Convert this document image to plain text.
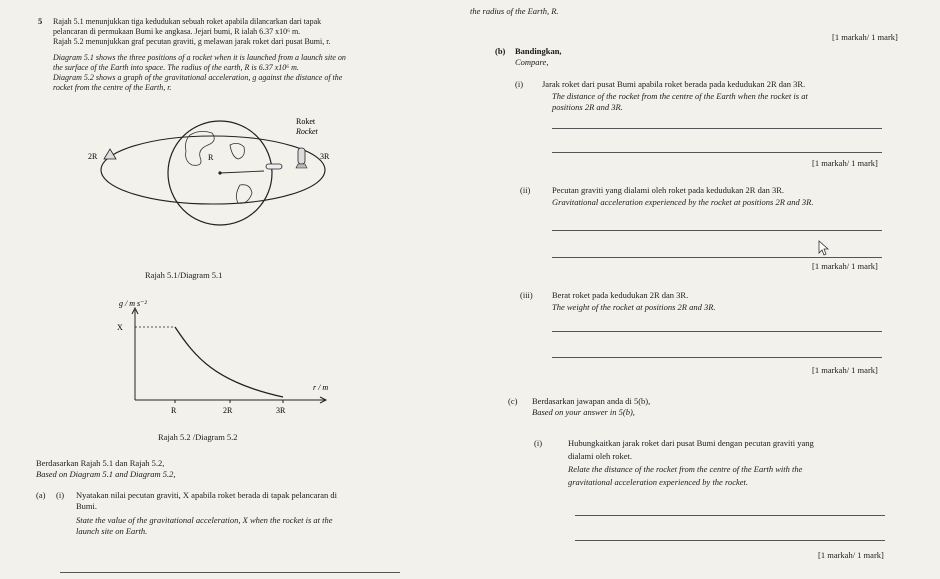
5 Rajah 5.1 menunjukkan tiga kedudukan sebuah roket apabila dilancarkan dari tapak
pelancaran di permukaan Bumi ke angkasa. Jejari bumi, R ialah 6.37 x10⁶ m.
Rajah 5.2 menunjukkan graf pecutan graviti, g melawan jarak roket dari pusat Bumi, r.
Diagram 5.1 shows the three positions of a rocket when it is launched from a launch site on
the surface of the Earth into space. The radius of the earth, R is 6.37 x10⁶ m.
Diagram 5.2 shows a graph of the gravitational acceleration, g against the distance of the
rocket from the centre of the Earth, r.
2R	R	3R
Roket
Rocket
Rajah 5.1/Diagram 5.1
g / m s⁻²
X
r / m
R	2R	3R
Rajah 5.2 /Diagram 5.2
Berdasarkan Rajah 5.1 dan Rajah 5.2,
Based on Diagram 5.1 and Diagram 5.2,
(a) (i) Nyatakan nilai pecutan graviti, X apabila roket berada di tapak pelancaran di
Bumi.
State the value of the gravitational acceleration, X when the rocket is at the
launch site on Earth.
the radius of the Earth, R.
[1 markah/ 1 mark]
(b) Bandingkan,
Compare,
(i) Jarak roket dari pusat Bumi apabila roket berada pada kedudukan 2R dan 3R.
The distance of the rocket from the centre of the Earth when the rocket is at
positions 2R and 3R.
[1 markah/ 1 mark]
(ii)	Pecutan graviti yang dialami oleh roket pada kedudukan 2R dan 3R.
Gravitational acceleration experienced by the rocket at positions 2R and 3R.
[1 markah/ 1 mark]
(iii) Berat roket pada kedudukan 2R dan 3R.
The weight of the rocket at positions 2R and 3R.
[1 markah/ 1 mark]
(c) Berdasarkan jawapan anda di 5(b),
Based on your answer in 5(b),
(i)	Hubungkaitkan jarak roket dari pusat Bumi dengan pecutan graviti yang
dialami oleh roket.
Relate the distance of the rocket from the centre of the Earth with the
gravitational acceleration experienced by the rocket.
[1 markah/ 1 mark]
